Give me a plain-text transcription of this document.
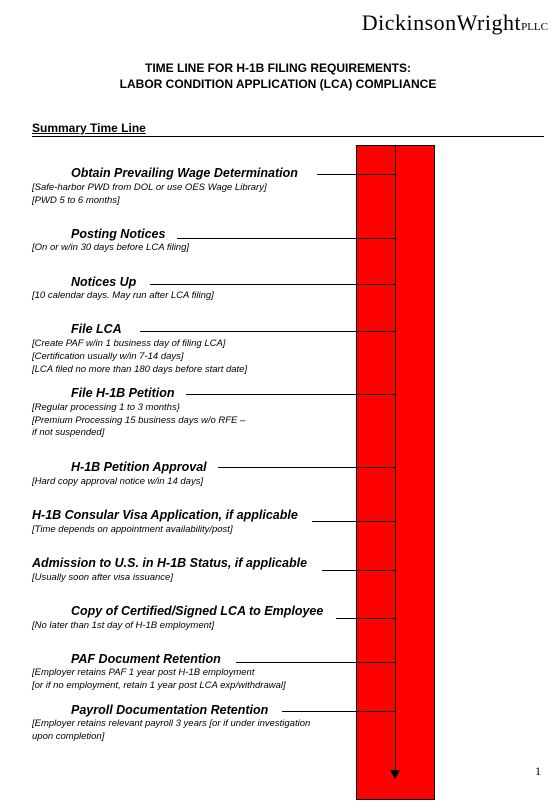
DickinsonWrightPLLC
TIME LINE FOR H-1B FILING REQUIREMENTS:
LABOR CONDITION APPLICATION (LCA) COMPLIANCE
Summary Time Line
Obtain Prevailing Wage Determination
[Safe-harbor PWD from DOL or use OES Wage Library]
[PWD 5 to 6 months]
Posting Notices
[On or w/in 30 days before LCA filing]
Notices Up
[10 calendar days. May run after LCA filing]
File LCA
[Create PAF w/in 1 business day of filing LCA]
[Certification usually w/in 7-14 days]
[LCA filed no more than 180 days before start date]
File H-1B Petition
[Regular processing 1 to 3 months}
[Premium Processing 15 business days w/o RFE –
if not suspended]
H-1B Petition Approval
[Hard copy approval notice w/in 14 days]
H-1B Consular Visa Application, if applicable
[Time depends on appointment availability/post]
Admission to U.S. in H-1B Status, if applicable
[Usually soon after visa issuance]
Copy of Certified/Signed LCA to Employee
[No later than 1st day of H-1B employment]
PAF Document Retention
[Employer retains PAF 1 year post H-1B employment
[or if no employment, retain 1 year post LCA exp/withdrawal]
Payroll Documentation Retention
[Employer retains relevant payroll 3 years [or if under investigation
upon completion]
1
